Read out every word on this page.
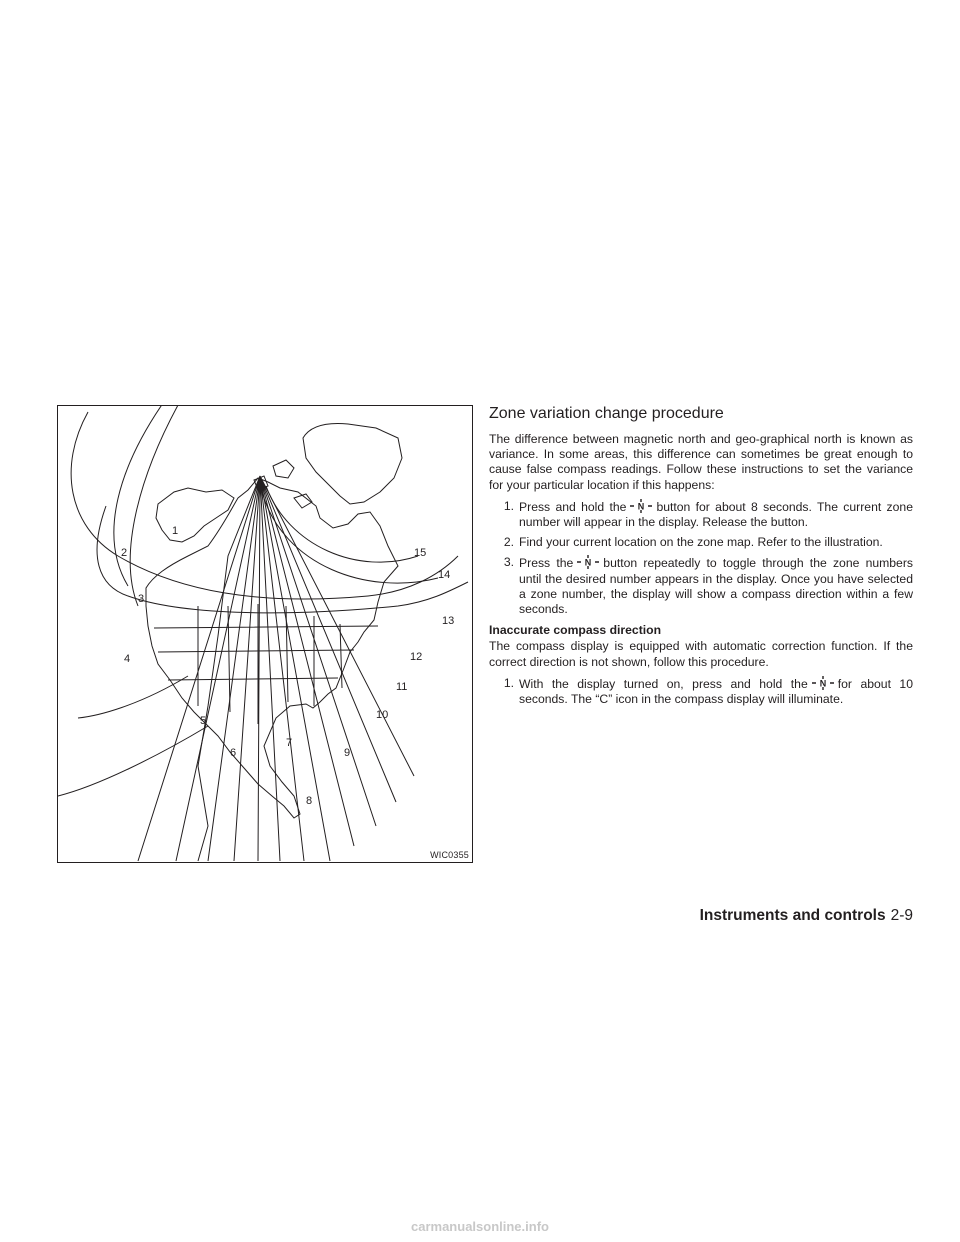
1
2
3
4
5
6
7
8
9
10
11
12
13
14
15
WIC0355
Zone variation change procedure

The difference between magnetic north and geo-graphical north is known as variance. In some areas, this difference can sometimes be great enough to cause false compass readings. Follow these instructions to set the variance for your particular location if this happens:

1. Press and hold the N button for about 8 seconds. The current zone number will appear in the display. Release the button.
2. Find your current location on the zone map. Refer to the illustration.
3. Press the N button repeatedly to toggle through the zone numbers until the desired number appears in the display. Once you have selected a zone number, the display will show a compass direction within a few seconds.
Inaccurate compass direction

The compass display is equipped with automatic correction function. If the correct direction is not shown, follow this procedure.

1. With the display turned on, press and hold the N for about 10 seconds. The “C” icon in the compass display will illuminate.
Instruments and controls 2-9
carmanualsonline.info
